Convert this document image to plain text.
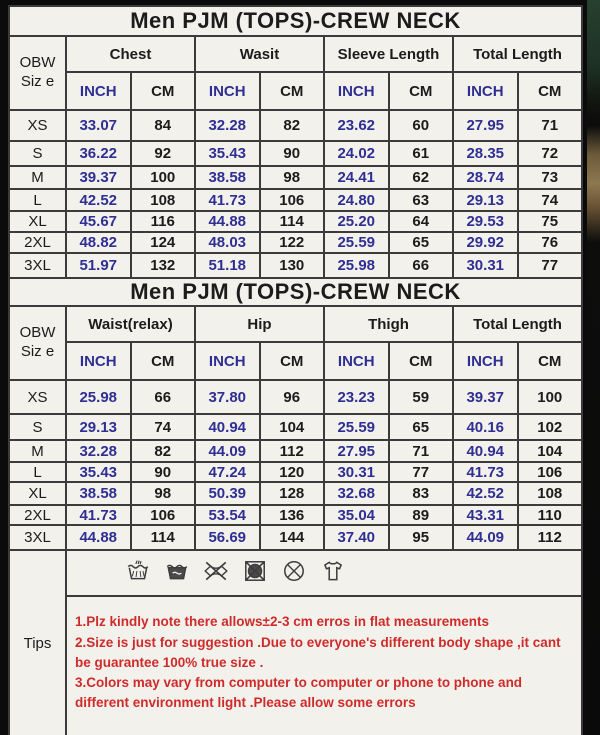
Men PJM (TOPS)-CREW NECK								

OBW
Siz e	Chest		Wasit		Sleeve Length		Total Length	
	INCH	CM	INCH	CM	INCH	CM	INCH	CM
XS	33.07	84	32.28	82	23.62	60	27.95	71
S	36.22	92	35.43	90	24.02	61	28.35	72
M	39.37	100	38.58	98	24.41	62	28.74	73
L	42.52	108	41.73	106	24.80	63	29.13	74
XL	45.67	116	44.88	114	25.20	64	29.53	75
2XL	48.82	124	48.03	122	25.59	65	29.92	76
3XL	51.97	132	51.18	130	25.98	66	30.31	77
Men PJM (TOPS)-CREW NECK								

OBW
Siz e	Waist(relax)		Hip		Thigh		Total Length	
	INCH	CM	INCH	CM	INCH	CM	INCH	CM
XS	25.98	66	37.80	96	23.23	59	39.37	100
S	29.13	74	40.94	104	25.59	65	40.16	102
M	32.28	82	44.09	112	27.95	71	40.94	104
L	35.43	90	47.24	120	30.31	77	41.73	106
XL	38.58	98	50.39	128	32.68	83	42.52	108
2XL	41.73	106	53.54	136	35.04	89	43.31	110
3XL	44.88	114	56.69	144	37.40	95	44.09	112
Tips	

1.Plz kindly note there allows±2-3 cm erros in flat measurements
2.Size is just for suggestion .Due to everyone's different body shape ,it cant be guarantee 100% true size .
3.Colors may vary from computer to computer or phone to phone and different environment light .Please allow some errors
